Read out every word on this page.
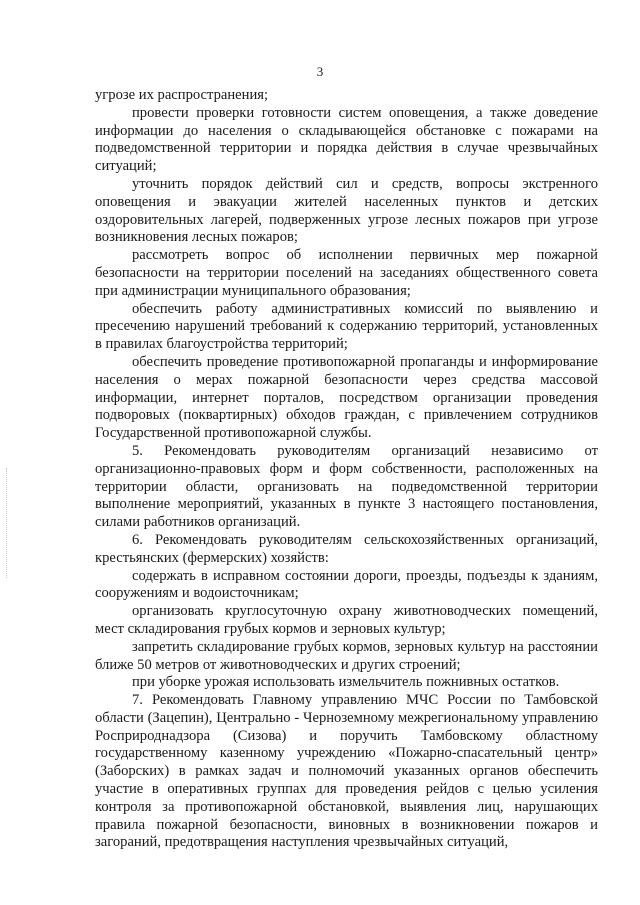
3

угрозе их распространения;

провести проверки готовности систем оповещения, а также доведение информации до населения о складывающейся обстановке с пожарами на подведомственной территории и порядка действия в случае чрезвычайных ситуаций;

уточнить порядок действий сил и средств, вопросы экстренного оповещения и эвакуации жителей населенных пунктов и детских оздоровительных лагерей, подверженных угрозе лесных пожаров при угрозе возникновения лесных пожаров;

рассмотреть вопрос об исполнении первичных мер пожарной безопасности на территории поселений на заседаниях общественного совета при администрации муниципального образования;

обеспечить работу административных комиссий по выявлению и пресечению нарушений требований к содержанию территорий, установленных в правилах благоустройства территорий;

обеспечить проведение противопожарной пропаганды и информирование населения о мерах пожарной безопасности через средства массовой информации, интернет порталов, посредством организации проведения подворовых (поквартирных) обходов граждан, с привлечением сотрудников Государственной противопожарной службы.

5. Рекомендовать руководителям организаций независимо от организационно-правовых форм и форм собственности, расположенных на территории области, организовать на подведомственной территории выполнение мероприятий, указанных в пункте 3 настоящего постановления, силами работников организаций.

6. Рекомендовать руководителям сельскохозяйственных организаций, крестьянских (фермерских) хозяйств:

содержать в исправном состоянии дороги, проезды, подъезды к зданиям, сооружениям и водоисточникам;

организовать круглосуточную охрану животноводческих помещений, мест складирования грубых кормов и зерновых культур;

запретить складирование грубых кормов, зерновых культур на расстоянии ближе 50 метров от животноводческих и других строений;

при уборке урожая использовать измельчитель пожнивных остатков.

7. Рекомендовать Главному управлению МЧС России по Тамбовской области (Зацепин), Центрально - Черноземному межрегиональному управлению Росприроднадзора (Сизова) и поручить Тамбовскому областному государственному казенному учреждению «Пожарно-спасательный центр» (Заборских) в рамках задач и полномочий указанных органов обеспечить участие в оперативных группах для проведения рейдов с целью усиления контроля за противопожарной обстановкой, выявления лиц, нарушающих правила пожарной безопасности, виновных в возникновении пожаров и загораний, предотвращения наступления чрезвычайных ситуаций,
